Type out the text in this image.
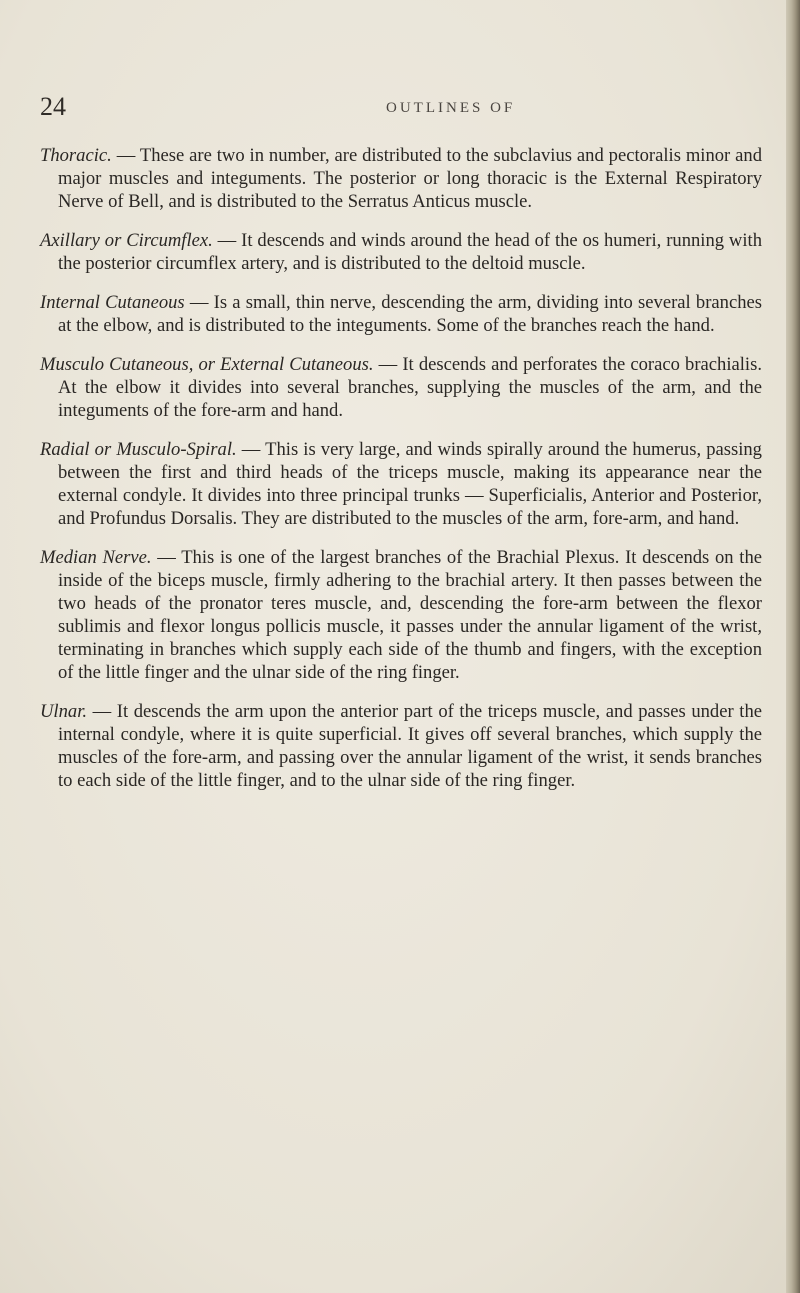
24	OUTLINES OF

Thoracic. — These are two in number, are distributed to the subclavius and pectoralis minor and major muscles and integuments. The posterior or long thoracic is the External Respiratory Nerve of Bell, and is distributed to the Serratus Anticus muscle.

Axillary or Circumflex. — It descends and winds around the head of the os humeri, running with the posterior circumflex artery, and is distributed to the deltoid muscle.

Internal Cutaneous — Is a small, thin nerve, descending the arm, dividing into several branches at the elbow, and is distributed to the integuments. Some of the branches reach the hand.

Musculo Cutaneous, or External Cutaneous. — It descends and perforates the coraco brachialis. At the elbow it divides into several branches, supplying the muscles of the arm, and the integuments of the fore-arm and hand.

Radial or Musculo-Spiral. — This is very large, and winds spirally around the humerus, passing between the first and third heads of the triceps muscle, making its appearance near the external condyle. It divides into three principal trunks — Superficialis, Anterior and Posterior, and Profundus Dorsalis. They are distributed to the muscles of the arm, fore-arm, and hand.

Median Nerve. — This is one of the largest branches of the Brachial Plexus. It descends on the inside of the biceps muscle, firmly adhering to the brachial artery. It then passes between the two heads of the pronator teres muscle, and, descending the fore-arm between the flexor sublimis and flexor longus pollicis muscle, it passes under the annular ligament of the wrist, terminating in branches which supply each side of the thumb and fingers, with the exception of the little finger and the ulnar side of the ring finger.

Ulnar. — It descends the arm upon the anterior part of the triceps muscle, and passes under the internal condyle, where it is quite superficial. It gives off several branches, which supply the muscles of the fore-arm, and passing over the annular ligament of the wrist, it sends branches to each side of the little finger, and to the ulnar side of the ring finger.
